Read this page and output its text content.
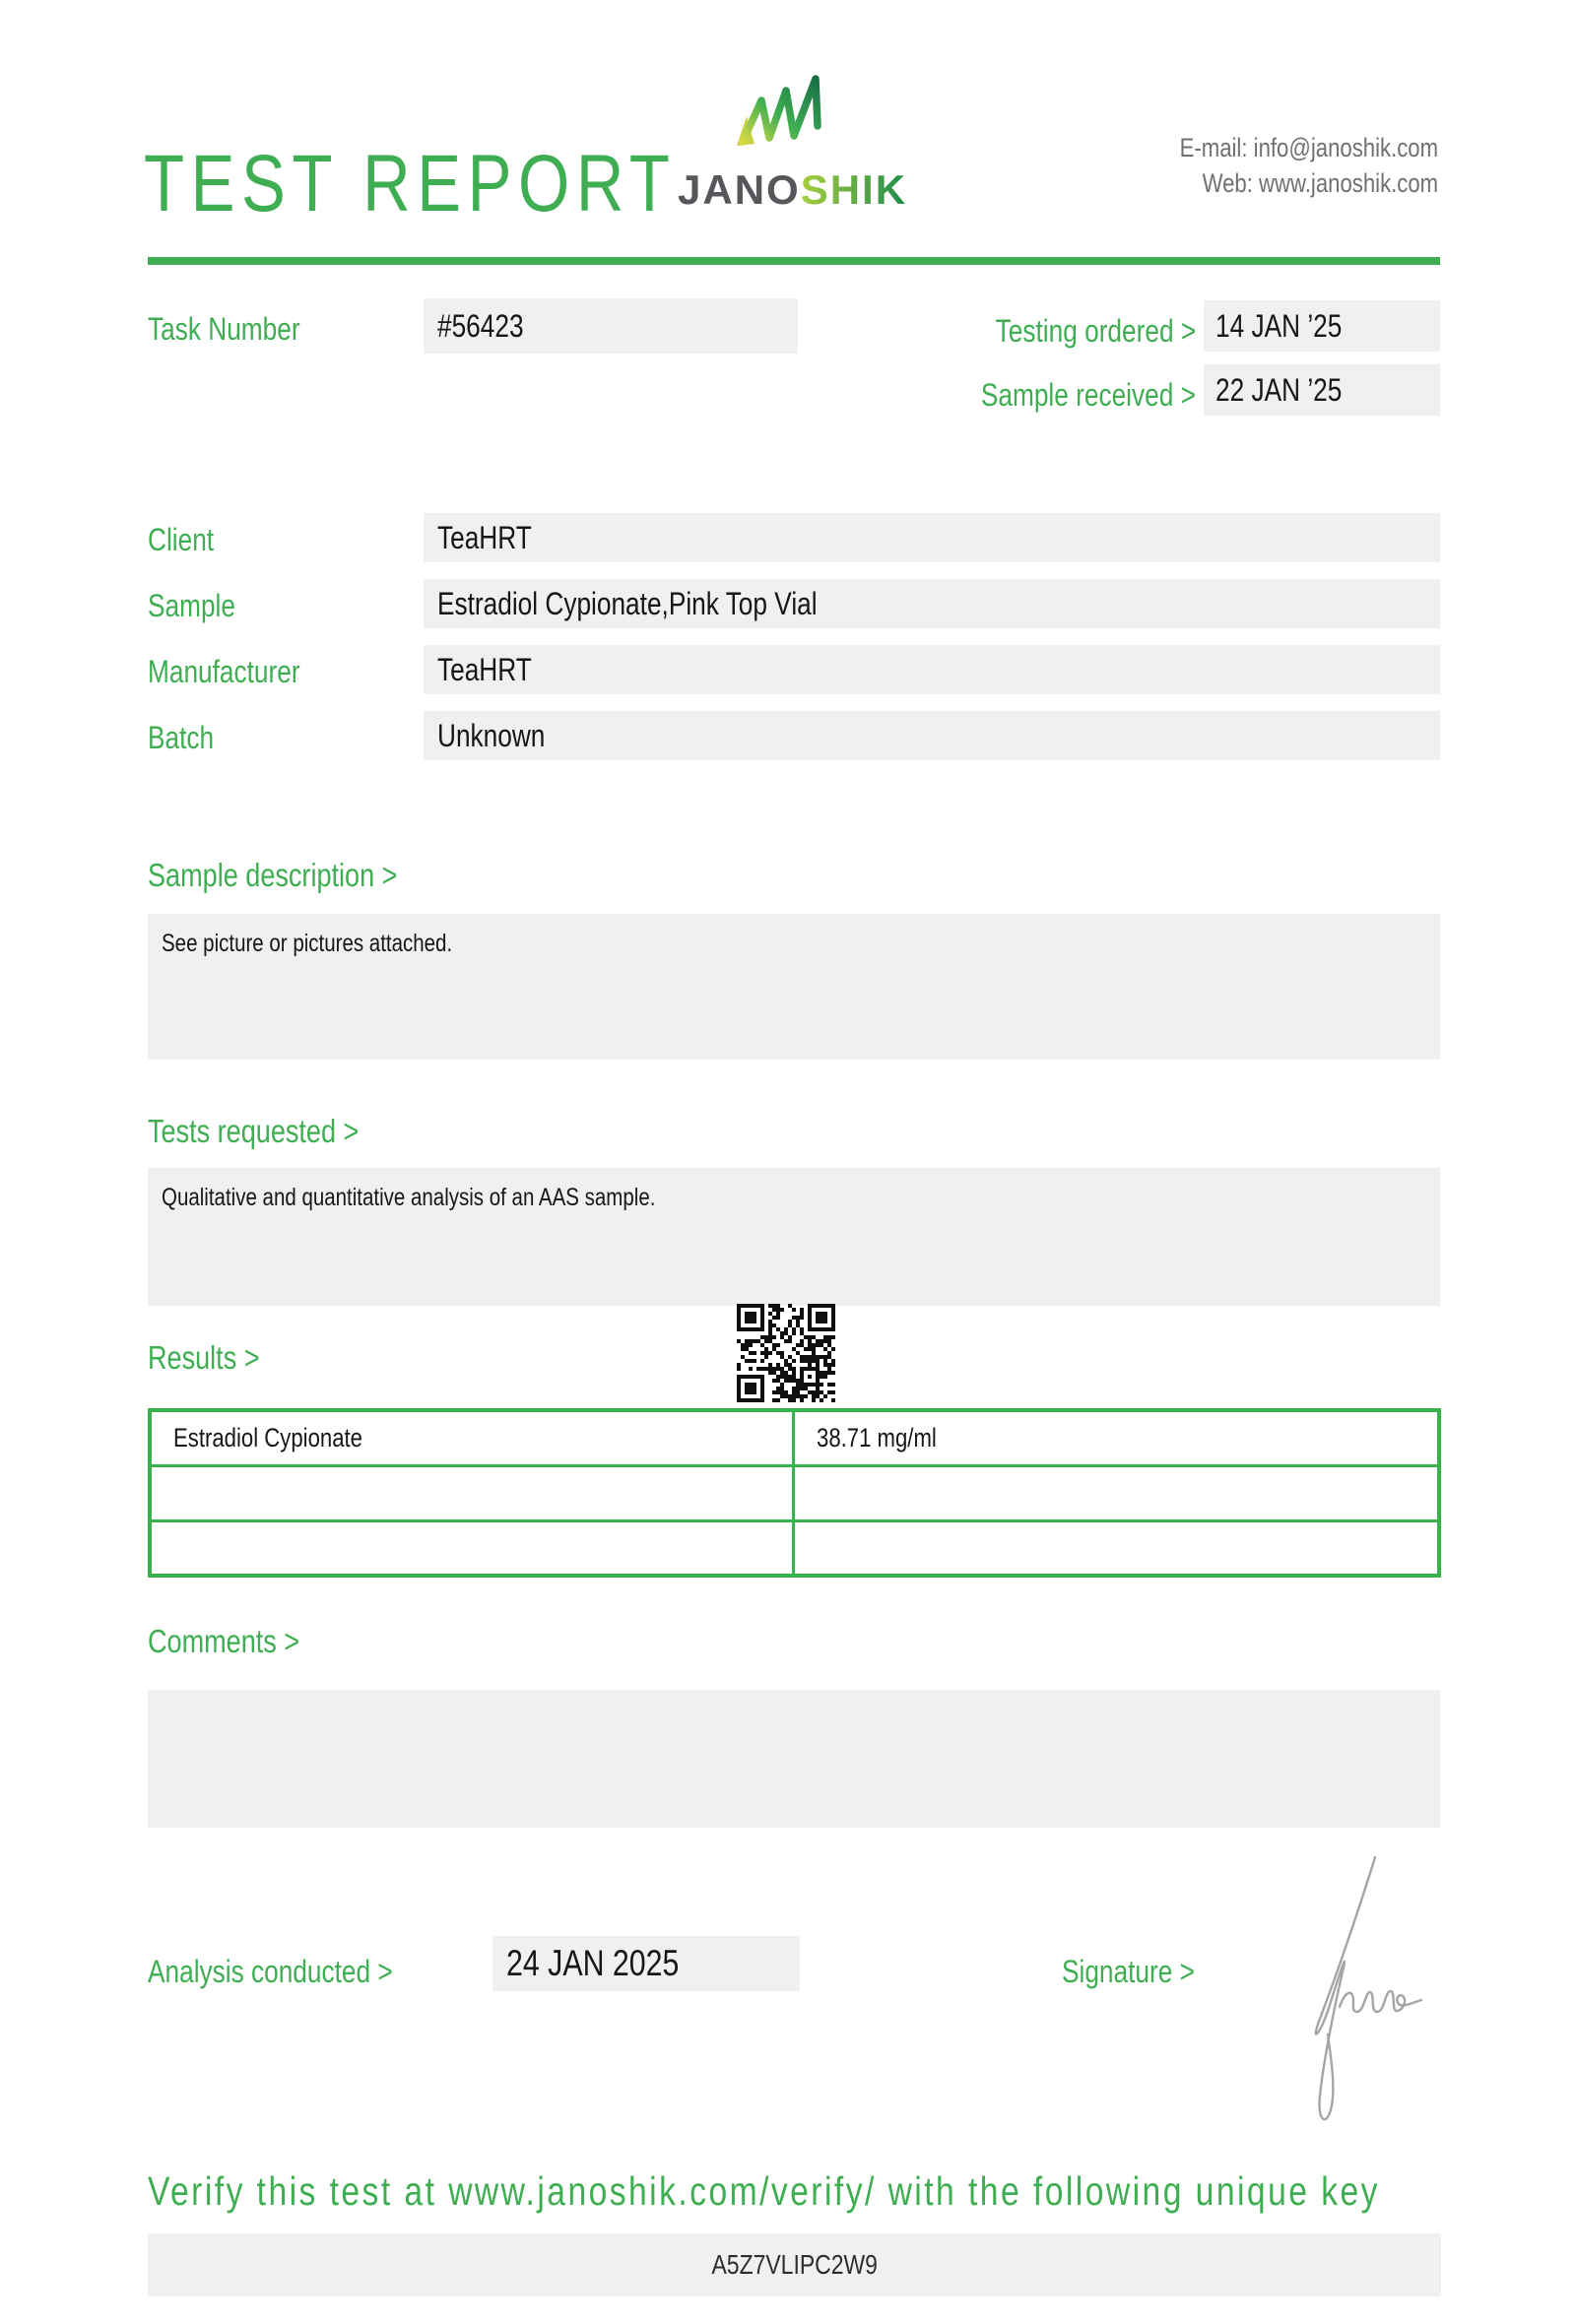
TEST REPORT JANOSHIK
E-mail: info@janoshik.com
Web: www.janoshik.com
Task Number	#56423	Testing ordered > 14 JAN ’25
Sample received > 22 JAN ’25
Client	TeaHRT
Sample	Estradiol Cypionate,Pink Top Vial
Manufacturer	TeaHRT
Batch	Unknown
Sample description >
See picture or pictures attached.
Tests requested >
Qualitative and quantitative analysis of an AAS sample.
Results >
Estradiol Cypionate	38.71 mg/ml

Comments >
Analysis conducted >	24 JAN 2025	Signature >
Verify this test at www.janoshik.com/verify/ with the following unique key
A5Z7VLIPC2W9
